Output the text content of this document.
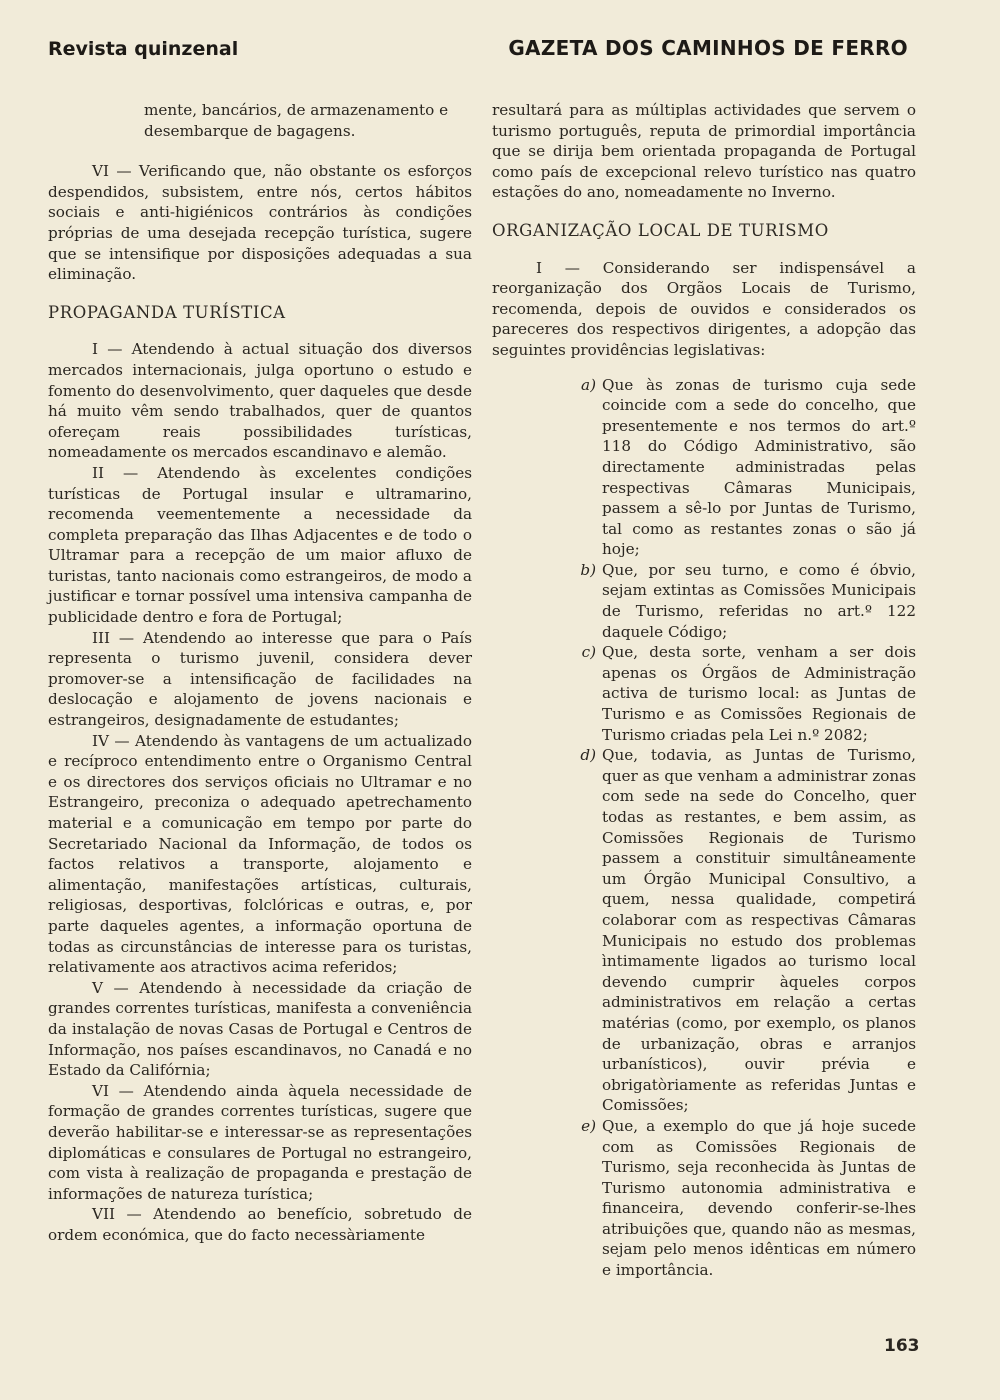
Revista quinzenal	GAZETA DOS CAMINHOS DE FERRO

mente, bancários, de armazenamento e desembarque de bagagens.

VI — Verificando que, não obstante os esforços despendidos, subsistem, entre nós, certos hábitos sociais e anti-higiénicos contrários às condições próprias de uma desejada recepção turística, sugere que se intensifique por disposições adequadas a sua eliminação.

PROPAGANDA TURÍSTICA

I — Atendendo à actual situação dos diversos mercados internacionais, julga oportuno o estudo e fomento do desenvolvimento, quer daqueles que desde há muito vêm sendo trabalhados, quer de quantos ofereçam reais possibilidades turísticas, nomeadamente os mercados escandinavo e alemão.

II — Atendendo às excelentes condições turísticas de Portugal insular e ultramarino, recomenda veementemente a necessidade da completa preparação das Ilhas Adjacentes e de todo o Ultramar para a recepção de um maior afluxo de turistas, tanto nacionais como estrangeiros, de modo a justificar e tornar possível uma intensiva campanha de publicidade dentro e fora de Portugal;

III — Atendendo ao interesse que para o País representa o turismo juvenil, considera dever promover-se a intensificação de facilidades na deslocação e alojamento de jovens nacionais e estrangeiros, designadamente de estudantes;

IV — Atendendo às vantagens de um actualizado e recíproco entendimento entre o Organismo Central e os directores dos serviços oficiais no Ultramar e no Estrangeiro, preconiza o adequado apetrechamento material e a comunicação em tempo por parte do Secretariado Nacional da Informação, de todos os factos relativos a transporte, alojamento e alimentação, manifestações artísticas, culturais, religiosas, desportivas, folclóricas e outras, e, por parte daqueles agentes, a informação oportuna de todas as circunstâncias de interesse para os turistas, relativamente aos atractivos acima referidos;

V — Atendendo à necessidade da criação de grandes correntes turísticas, manifesta a conveniência da instalação de novas Casas de Portugal e Centros de Informação, nos países escandinavos, no Canadá e no Estado da Califórnia;

VI — Atendendo ainda àquela necessidade de formação de grandes correntes turísticas, sugere que deverão habilitar-se e interessar-se as representações diplomáticas e consulares de Portugal no estrangeiro, com vista à realização de propaganda e prestação de informações de natureza turística;

VII — Atendendo ao benefício, sobretudo de ordem económica, que do facto necessàriamente

resultará para as múltiplas actividades que servem o turismo português, reputa de primordial importância que se dirija bem orientada propaganda de Portugal como país de excepcional relevo turístico nas quatro estações do ano, nomeadamente no Inverno.

ORGANIZAÇÃO LOCAL DE TURISMO

I — Considerando ser indispensável a reorganização dos Orgãos Locais de Turismo, recomenda, depois de ouvidos e considerados os pareceres dos respectivos dirigentes, a adopção das seguintes providências legislativas:

a) Que às zonas de turismo cuja sede coincide com a sede do concelho, que presentemente e nos termos do art.º 118 do Código Administrativo, são directamente administradas pelas respectivas Câmaras Municipais, passem a sê-lo por Juntas de Turismo, tal como as restantes zonas o são já hoje;
b) Que, por seu turno, e como é óbvio, sejam extintas as Comissões Municipais de Turismo, referidas no art.º 122 daquele Código;
c) Que, desta sorte, venham a ser dois apenas os Órgãos de Administração activa de turismo local: as Juntas de Turismo e as Comissões Regionais de Turismo criadas pela Lei n.º 2082;
d) Que, todavia, as Juntas de Turismo, quer as que venham a administrar zonas com sede na sede do Concelho, quer todas as restantes, e bem assim, as Comissões Regionais de Turismo passem a constituir simultâneamente um Órgão Municipal Consultivo, a quem, nessa qualidade, competirá colaborar com as respectivas Câmaras Municipais no estudo dos problemas ìntimamente ligados ao turismo local devendo cumprir àqueles corpos administrativos em relação a certas matérias (como, por exemplo, os planos de urbanização, obras e arranjos urbanísticos), ouvir prévia e obrigatòriamente as referidas Juntas e Comissões;
e) Que, a exemplo do que já hoje sucede com as Comissões Regionais de Turismo, seja reconhecida às Juntas de Turismo autonomia administrativa e financeira, devendo conferir-se-lhes atribuições que, quando não as mesmas, sejam pelo menos idênticas em número e importância.
163
